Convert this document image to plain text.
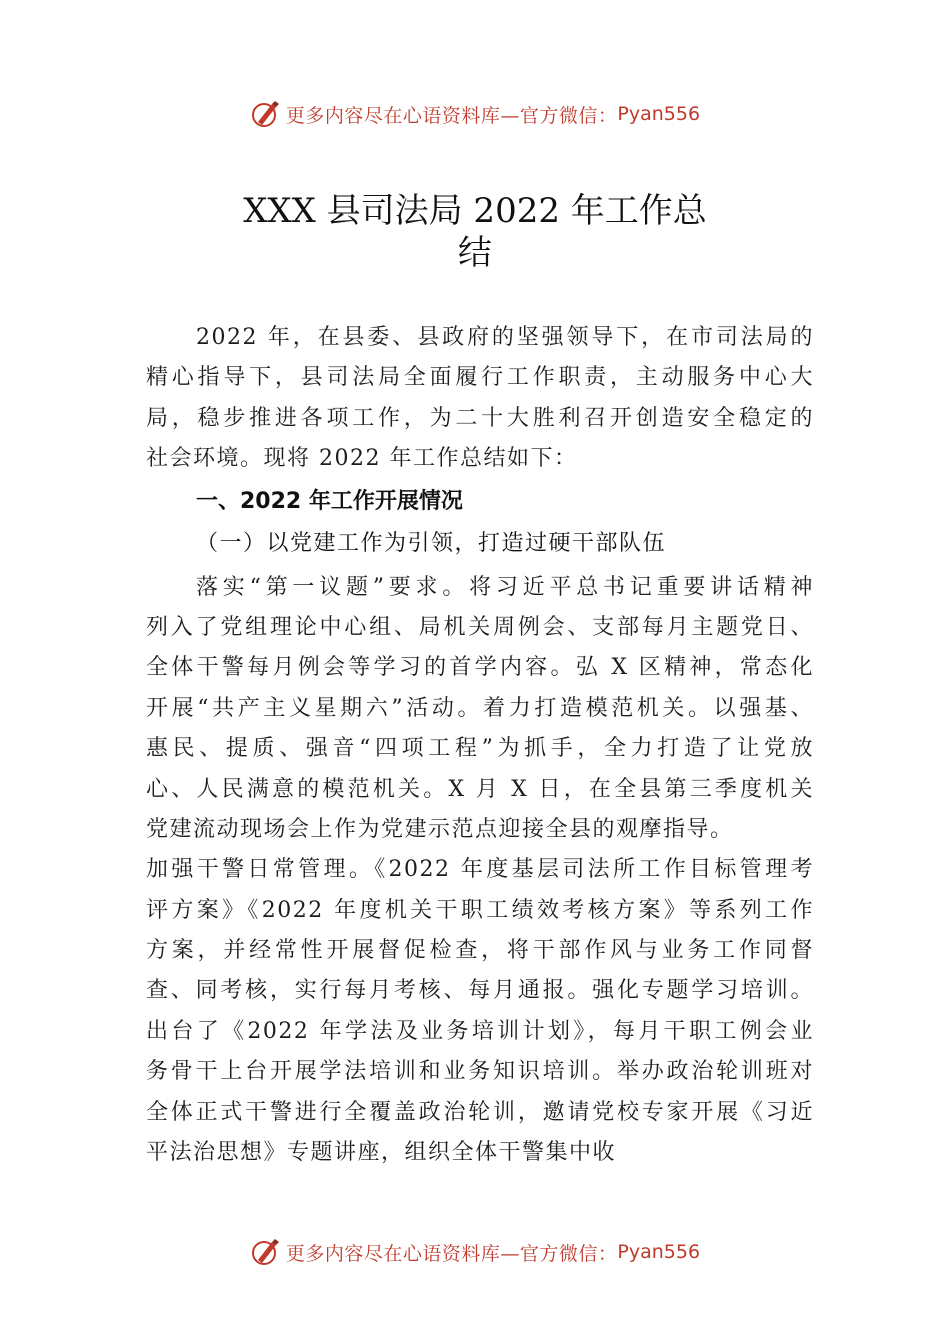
更多内容尽在心语资料库—官方微信： Pyan556
XXX 县司法局 2022 年工作总
结
2022 年，在县委、县政府的坚强领导下，在市司法局的
精心指导下，县司法局全面履行工作职责，主动服务中心大
局，稳步推进各项工作，为二十大胜利召开创造安全稳定的
社会环境。现将 2022 年工作总结如下：
一、2022 年工作开展情况
（一）以党建工作为引领，打造过硬干部队伍
落实“第一议题”要求。将习近平总书记重要讲话精神
列入了党组理论中心组、局机关周例会、支部每月主题党日、
全体干警每月例会等学习的首学内容。弘 X 区精神，常态化
开展“共产主义星期六”活动。着力打造模范机关。以强基、
惠民、提质、强音“四项工程”为抓手，全力打造了让党放
心、人民满意的模范机关。X 月 X 日，在全县第三季度机关
党建流动现场会上作为党建示范点迎接全县的观摩指导。
加强干警日常管理。《2022 年度基层司法所工作目标管理考
评方案》《2022 年度机关干职工绩效考核方案》等系列工作
方案，并经常性开展督促检查，将干部作风与业务工作同督
查、同考核，实行每月考核、每月通报。强化专题学习培训。
出台了《2022 年学法及业务培训计划》，每月干职工例会业
务骨干上台开展学法培训和业务知识培训。举办政治轮训班对
全体正式干警进行全覆盖政治轮训，邀请党校专家开展《习近
平法治思想》专题讲座，组织全体干警集中收
更多内容尽在心语资料库—官方微信： Pyan556
